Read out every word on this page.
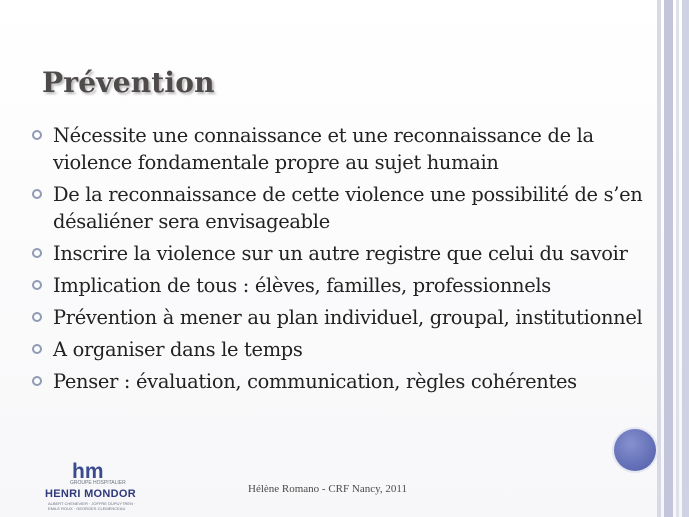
Prévention
Nécessite une connaissance et une reconnaissance de la violence fondamentale propre au sujet humain
De la reconnaissance de cette violence une possibilité de s’en désaliéner sera envisageable
Inscrire la violence sur un autre registre que celui du savoir
Implication de tous : élèves, familles, professionnels
Prévention à mener au plan individuel, groupal, institutionnel
A organiser dans le temps
Penser : évaluation, communication, règles cohérentes
hm
GROUPE HOSPITALIER
HENRI MONDOR
ALBERT CHENEVIER · JOFFRE DUPUYTREN · EMILE ROUX · GEORGES CLEMENCEAU
Hélène Romano - CRF Nancy, 2011
